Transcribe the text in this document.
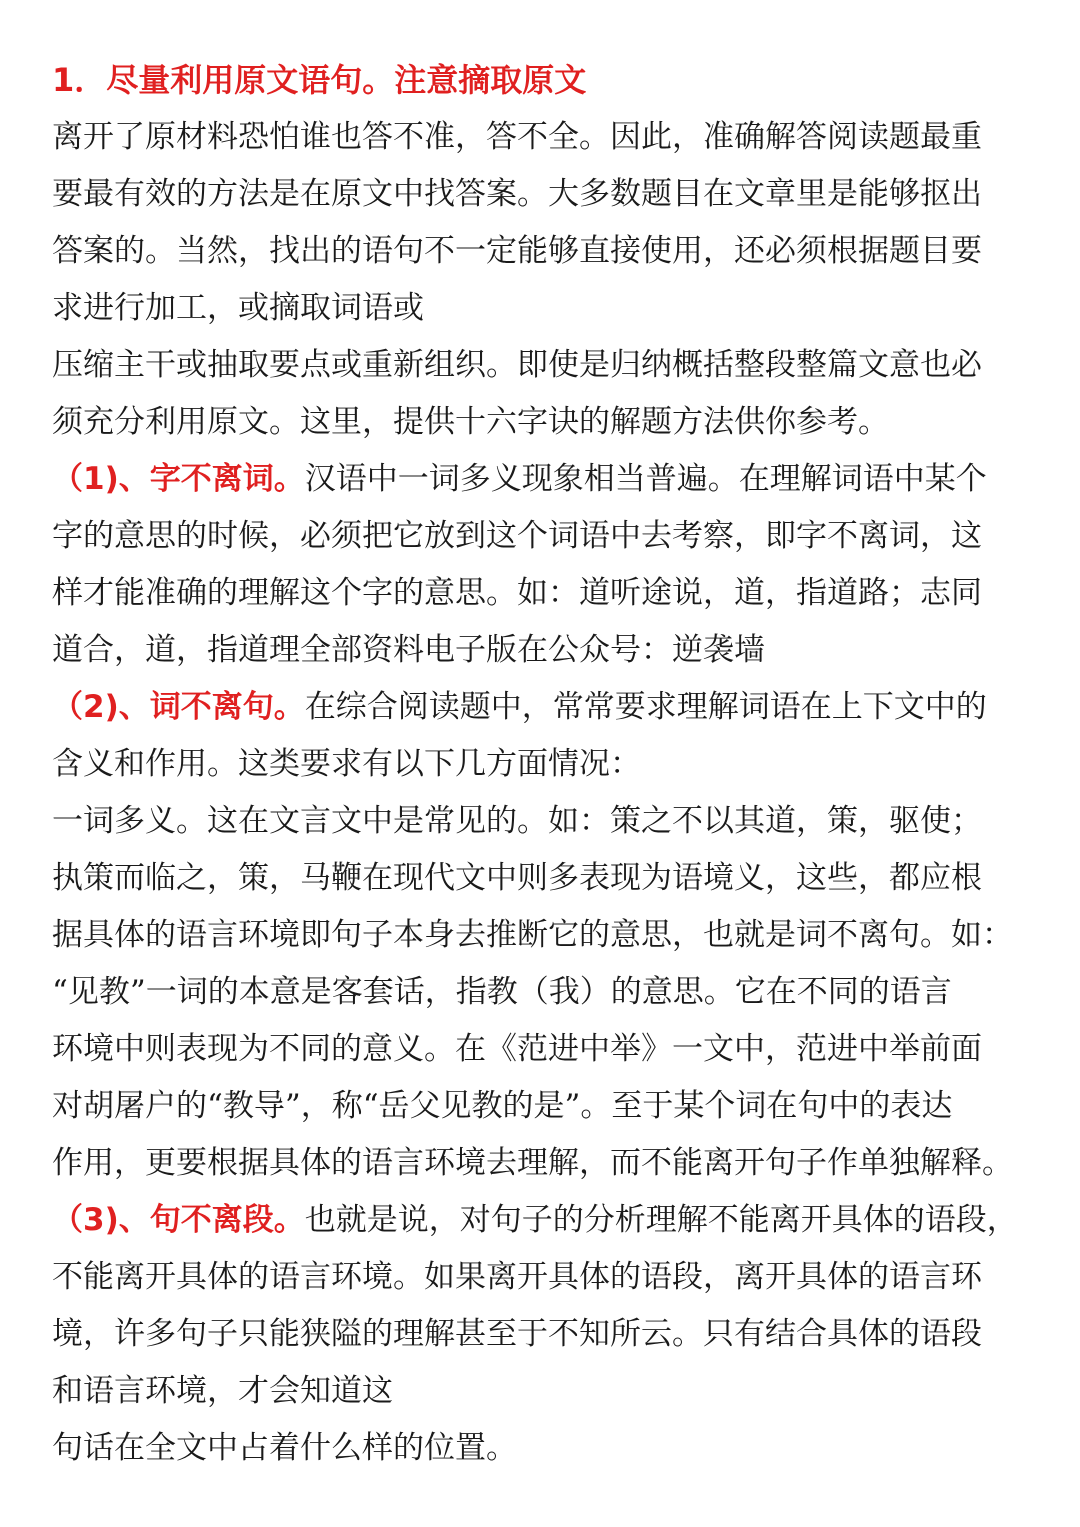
1．尽量利用原文语句。注意摘取原文
离开了原材料恐怕谁也答不准，答不全。因此，准确解答阅读题最重
要最有效的方法是在原文中找答案。大多数题目在文章里是能够抠出
答案的。当然，找出的语句不一定能够直接使用，还必须根据题目要
求进行加工，或摘取词语或
压缩主干或抽取要点或重新组织。即使是归纳概括整段整篇文意也必
须充分利用原文。这里，提供十六字诀的解题方法供你参考。
（1)、字不离词。汉语中一词多义现象相当普遍。在理解词语中某个
字的意思的时候，必须把它放到这个词语中去考察，即字不离词，这
样才能准确的理解这个字的意思。如：道听途说，道，指道路；志同
道合，道，指道理全部资料电子版在公众号：逆袭墙
（2)、词不离句。在综合阅读题中，常常要求理解词语在上下文中的
含义和作用。这类要求有以下几方面情况：
一词多义。这在文言文中是常见的。如：策之不以其道，策，驱使；
执策而临之，策，马鞭在现代文中则多表现为语境义，这些，都应根
据具体的语言环境即句子本身去推断它的意思，也就是词不离句。如：
“见教”一词的本意是客套话，指教（我）的意思。它在不同的语言
环境中则表现为不同的意义。在《范进中举》一文中，范进中举前面
对胡屠户的“教导”，称“岳父见教的是”。至于某个词在句中的表达
作用，更要根据具体的语言环境去理解，而不能离开句子作单独解释。
（3)、句不离段。也就是说，对句子的分析理解不能离开具体的语段，
不能离开具体的语言环境。如果离开具体的语段，离开具体的语言环
境，许多句子只能狭隘的理解甚至于不知所云。只有结合具体的语段
和语言环境，才会知道这
句话在全文中占着什么样的位置。
